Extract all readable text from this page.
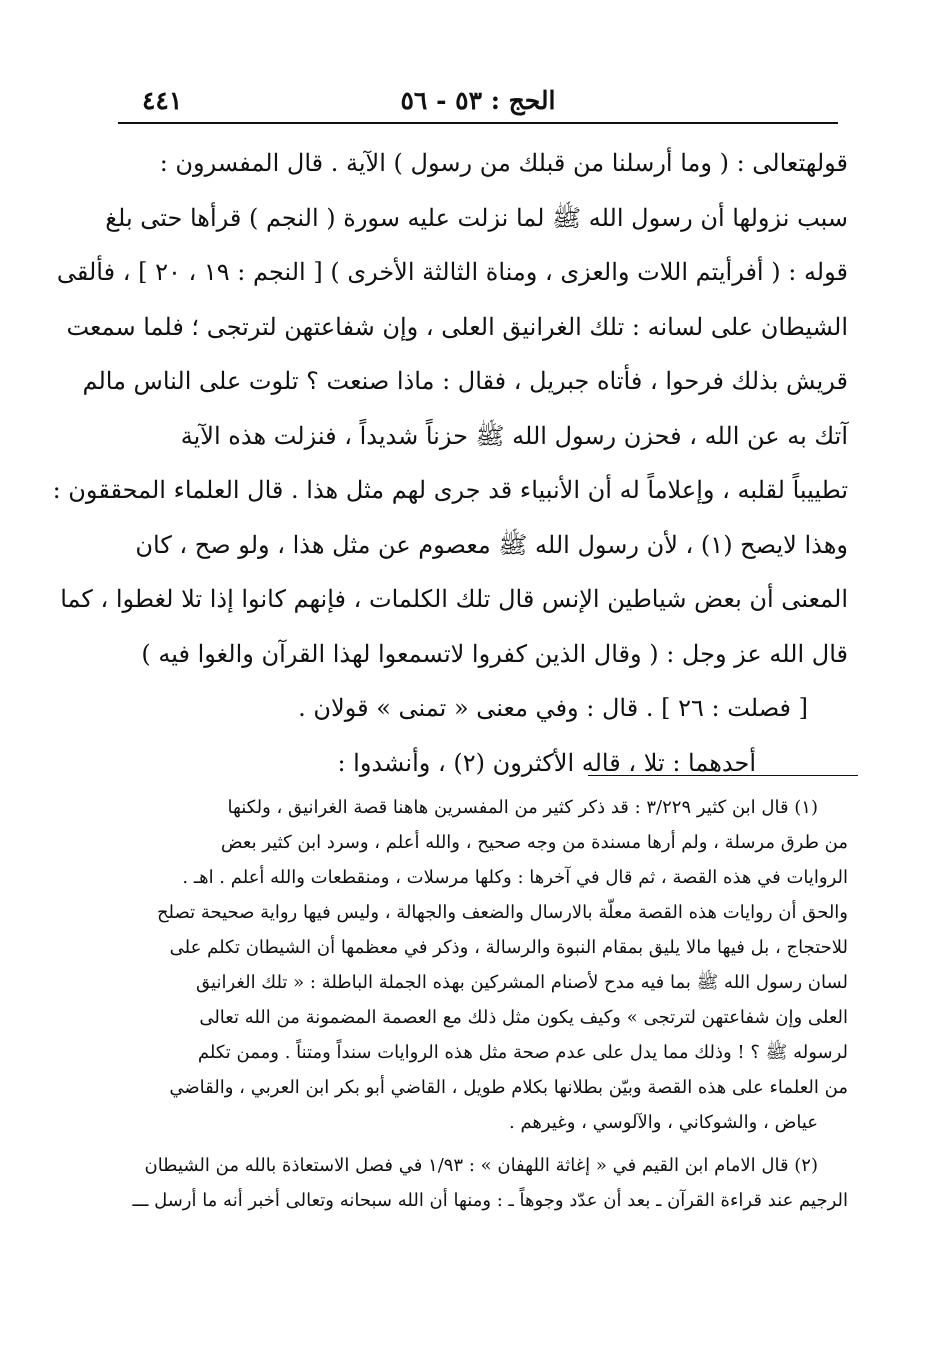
الحج : ٥٣ - ٥٦
٤٤١
قولهتعالى : ( وما أرسلنا من قبلك من رسول ) الآية . قال المفسرون :
سبب نزولها أن رسول الله ﷺ لما نزلت عليه سورة ( النجم ) قرأها حتى بلغ
قوله : ( أفرأيتم اللات والعزى ، ومناة الثالثة الأخرى ) [ النجم : ١٩ ، ٢٠ ] ، فألقى
الشيطان على لسانه : تلك الغرانيق العلى ، وإن شفاعتهن لترتجى ؛ فلما سمعت
قريش بذلك فرحوا ، فأتاه جبريل ، فقال : ماذا صنعت ؟ تلوت على الناس مالم
آتك به عن الله ، فحزن رسول الله ﷺ حزناً شديداً ، فنزلت هذه الآية
تطييباً لقلبه ، وإعلاماً له أن الأنبياء قد جرى لهم مثل هذا . قال العلماء المحققون :
وهذا لايصح (١) ، لأن رسول الله ﷺ معصوم عن مثل هذا ، ولو صح ، كان
المعنى أن بعض شياطين الإنس قال تلك الكلمات ، فإنهم كانوا إذا تلا لغطوا ، كما
قال الله عز وجل : ( وقال الذين كفروا لاتسمعوا لهذا القرآن والغوا فيه )
[ فصلت : ٢٦ ] . قال : وفي معنى « تمنى » قولان .
أحدهما : تلا ، قاله الأكثرون (٢) ، وأنشدوا :
(١) قال ابن كثير ٣/٢٢٩ : قد ذكر كثير من المفسرين هاهنا قصة الغرانيق ، ولكنها
من طرق مرسلة ، ولم أرها مسندة من وجه صحيح ، والله أعلم ، وسرد ابن كثير بعض
الروايات في هذه القصة ، ثم قال في آخرها : وكلها مرسلات ، ومنقطعات والله أعلم . اهـ .
والحق أن روايات هذه القصة معلّة بالارسال والضعف والجهالة ، وليس فيها رواية صحيحة تصلح
للاحتجاج ، بل فيها مالا يليق بمقام النبوة والرسالة ، وذكر في معظمها أن الشيطان تكلم على
لسان رسول الله ﷺ بما فيه مدح لأصنام المشركين بهذه الجملة الباطلة : « تلك الغرانيق
العلى وإن شفاعتهن لترتجى » وكيف يكون مثل ذلك مع العصمة المضمونة من الله تعالى
لرسوله ﷺ ؟ ! وذلك مما يدل على عدم صحة مثل هذه الروايات سنداً ومتناً . وممن تكلم
من العلماء على هذه القصة وبيّن بطلانها بكلام طويل ، القاضي أبو بكر ابن العربي ، والقاضي
عياض ، والشوكاني ، والآلوسي ، وغيرهم .
(٢) قال الامام ابن القيم في « إغاثة اللهفان » : ١/٩٣ في فصل الاستعاذة بالله من الشيطان
الرجيم عند قراءة القرآن ـ بعد أن عدّد وجوهاً ـ : ومنها أن الله سبحانه وتعالى أخبر أنه ما أرسل ـــ
